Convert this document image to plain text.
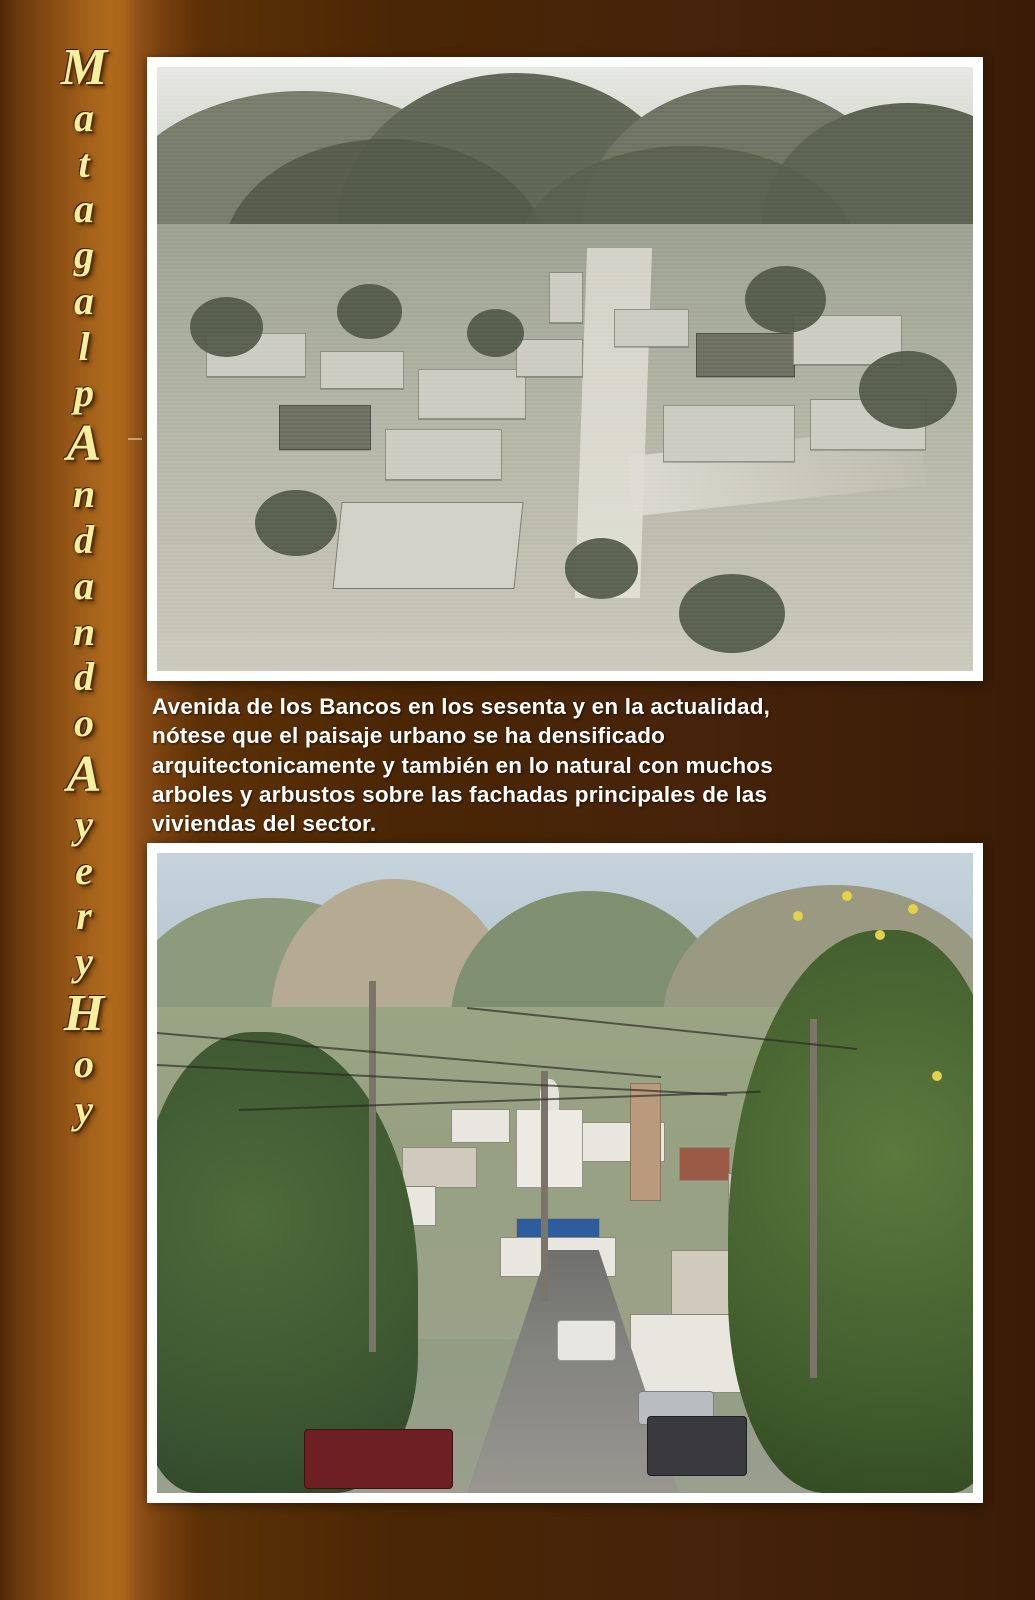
M
a
t
a
g
a
l
p
A
n
d
a
n
d
o
A
y
e
r
y
H
o
y
Avenida de los Bancos en los sesenta y en la actualidad,
nótese que el paisaje urbano se ha densificado
arquitectonicamente y también en lo natural con muchos
arboles y arbustos sobre las fachadas principales de las
viviendas del sector.
